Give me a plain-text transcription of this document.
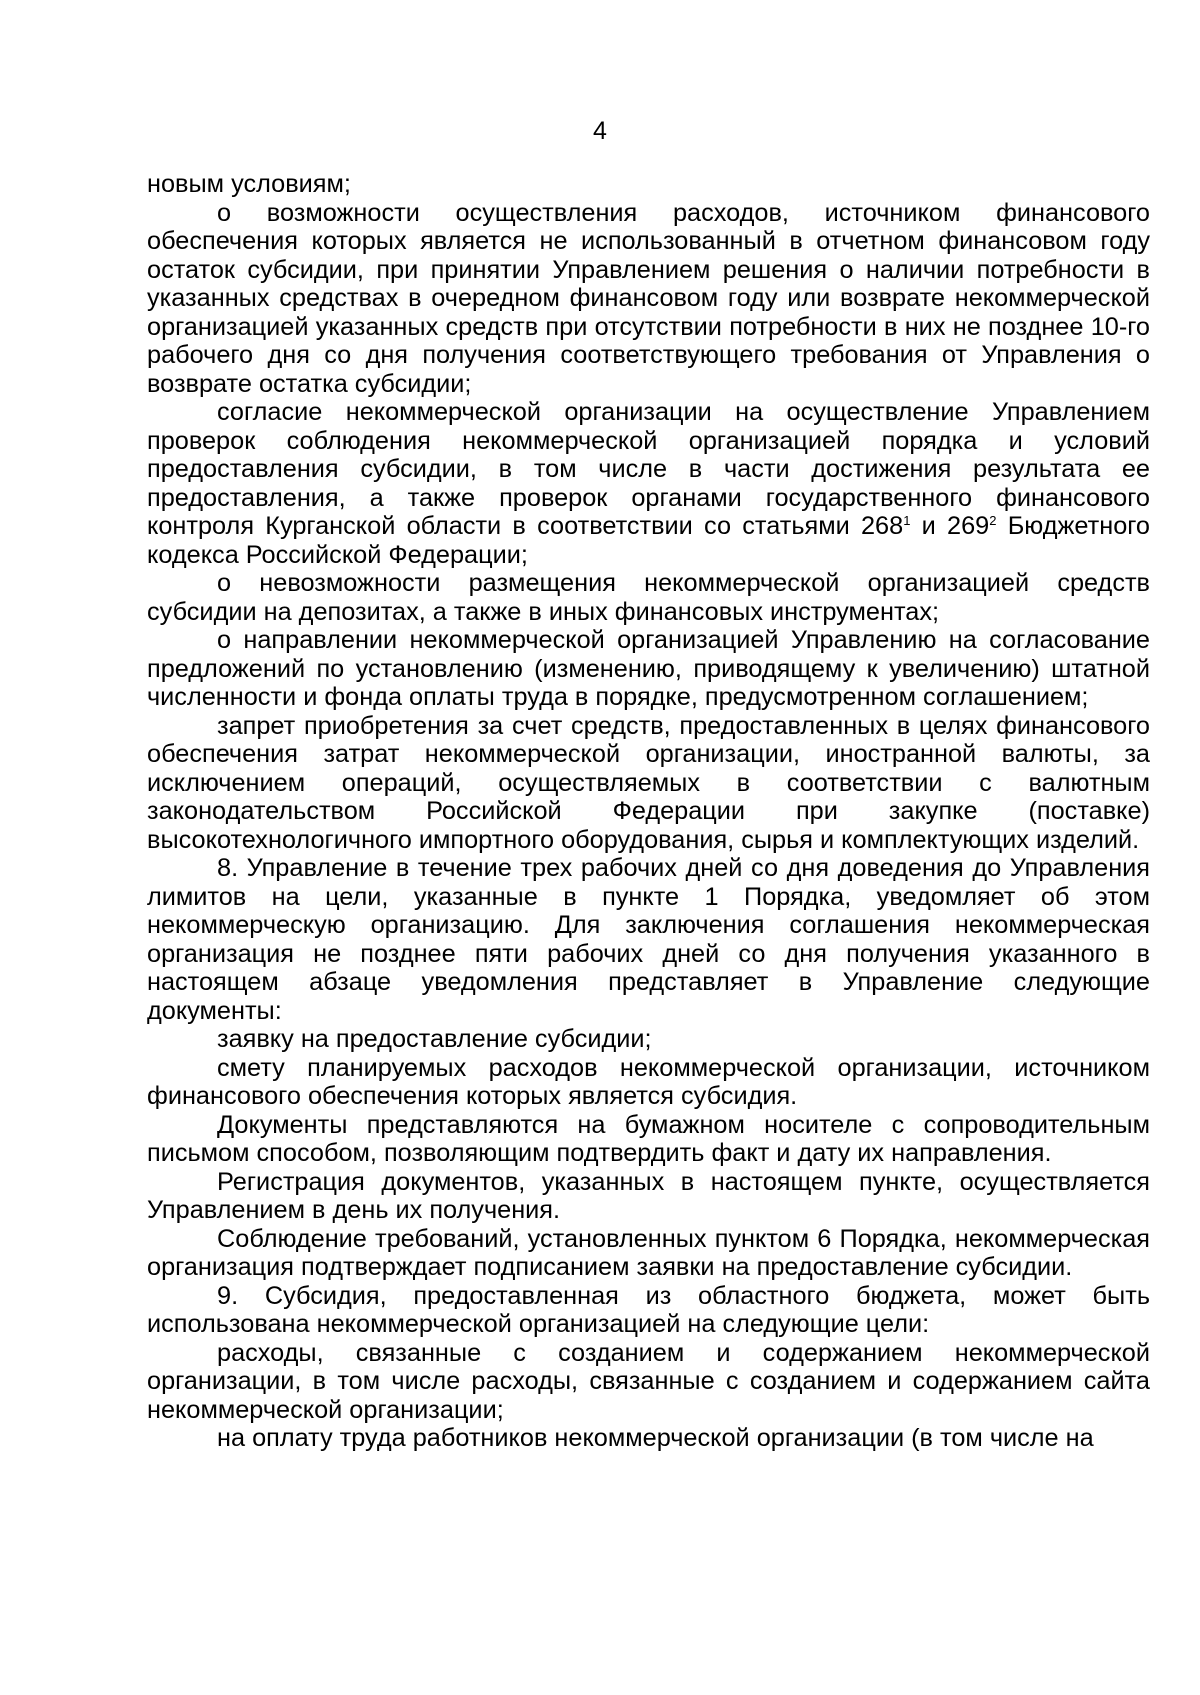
4

новым условиям;

о возможности осуществления расходов, источником финансового обеспечения которых является не использованный в отчетном финансовом году остаток субсидии, при принятии Управлением решения о наличии потребности в указанных средствах в очередном финансовом году или возврате некоммерческой организацией указанных средств при отсутствии потребности в них не позднее 10-го рабочего дня со дня получения соответствующего требования от Управления о возврате остатка субсидии;

согласие некоммерческой организации на осуществление Управлением проверок соблюдения некоммерческой организацией порядка и условий предоставления субсидии, в том числе в части достижения результата ее предоставления, а также проверок органами государственного финансового контроля Курганской области в соответствии со статьями $268^1$ и $269^2$ Бюджетного кодекса Российской Федерации;

о невозможности размещения некоммерческой организацией средств субсидии на депозитах, а также в иных финансовых инструментах;

о направлении некоммерческой организацией Управлению на согласование предложений по установлению (изменению, приводящему к увеличению) штатной численности и фонда оплаты труда в порядке, предусмотренном соглашением;

запрет приобретения за счет средств, предоставленных в целях финансового обеспечения затрат некоммерческой организации, иностранной валюты, за исключением операций, осуществляемых в соответствии с валютным законодательством Российской Федерации при закупке (поставке) высокотехнологичного импортного оборудования, сырья и комплектующих изделий.

8. Управление в течение трех рабочих дней со дня доведения до Управления лимитов на цели, указанные в пункте 1 Порядка, уведомляет об этом некоммерческую организацию. Для заключения соглашения некоммерческая организация не позднее пяти рабочих дней со дня получения указанного в настоящем абзаце уведомления представляет в Управление следующие документы:

заявку на предоставление субсидии;

смету планируемых расходов некоммерческой организации, источником финансового обеспечения которых является субсидия.

Документы представляются на бумажном носителе с сопроводительным письмом способом, позволяющим подтвердить факт и дату их направления.

Регистрация документов, указанных в настоящем пункте, осуществляется Управлением в день их получения.

Соблюдение требований, установленных пунктом 6 Порядка, некоммерческая организация подтверждает подписанием заявки на предоставление субсидии.

9. Субсидия, предоставленная из областного бюджета, может быть использована некоммерческой организацией на следующие цели:

расходы, связанные с созданием и содержанием некоммерческой организации, в том числе расходы, связанные с созданием и содержанием сайта некоммерческой организации;

на оплату труда работников некоммерческой организации (в том числе на
